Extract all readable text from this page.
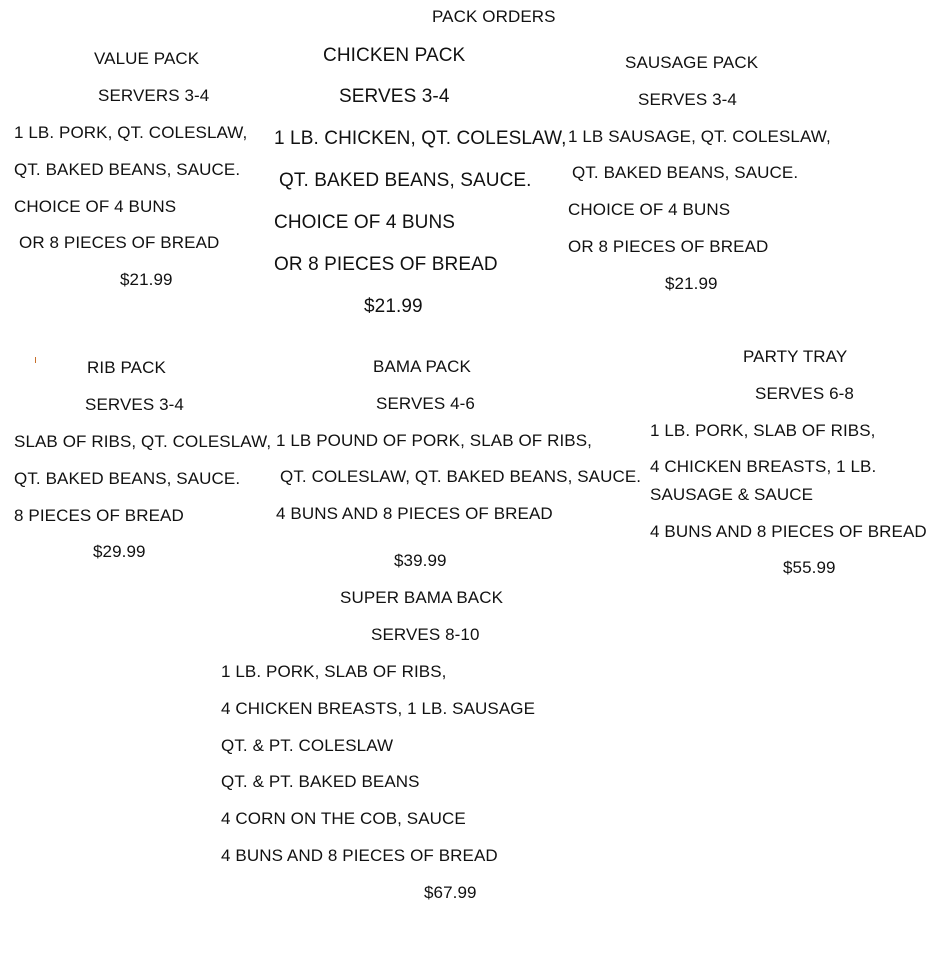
PACK ORDERS
VALUE PACK
SERVERS 3-4
1 LB. PORK, QT. COLESLAW,
QT. BAKED BEANS, SAUCE.
CHOICE OF 4 BUNS
OR 8 PIECES OF BREAD
$21.99
CHICKEN PACK
SERVES 3-4
1 LB. CHICKEN, QT. COLESLAW,
QT. BAKED BEANS, SAUCE.
CHOICE OF 4 BUNS
OR 8 PIECES OF BREAD
$21.99
SAUSAGE PACK
SERVES 3-4
1 LB SAUSAGE, QT. COLESLAW,
QT. BAKED BEANS, SAUCE.
CHOICE OF 4 BUNS
OR 8 PIECES OF BREAD
$21.99
RIB PACK
SERVES 3-4
SLAB OF RIBS, QT. COLESLAW,
QT. BAKED BEANS, SAUCE.
8 PIECES OF BREAD
$29.99
BAMA PACK
SERVES 4-6
1 LB POUND OF PORK, SLAB OF RIBS,
QT. COLESLAW, QT. BAKED BEANS, SAUCE.
4 BUNS AND 8 PIECES OF BREAD
$39.99
PARTY TRAY
SERVES 6-8
1 LB. PORK, SLAB OF RIBS,
4 CHICKEN BREASTS, 1 LB.
SAUSAGE & SAUCE
4 BUNS AND 8 PIECES OF BREAD
$55.99
SUPER BAMA BACK
SERVES 8-10
1 LB. PORK, SLAB OF RIBS,
4 CHICKEN BREASTS, 1 LB. SAUSAGE
QT. & PT. COLESLAW
QT. & PT. BAKED BEANS
4 CORN ON THE COB, SAUCE
4 BUNS AND 8 PIECES OF BREAD
$67.99
